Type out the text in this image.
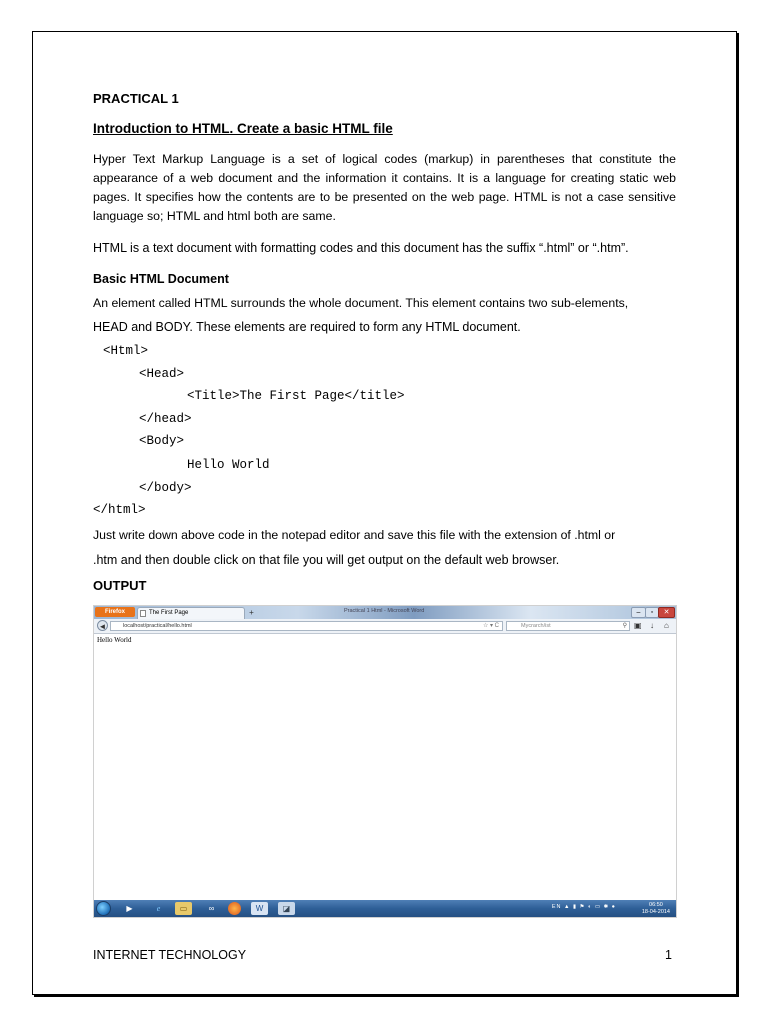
PRACTICAL 1
Introduction to HTML. Create a basic HTML file
Hyper Text Markup Language is a set of logical codes (markup) in parentheses that constitute the appearance of a web document and the information it contains. It is a language for creating static web pages. It specifies how the contents are to be presented on the web page. HTML is not a case sensitive language so; HTML and html both are same.
HTML is a text document with formatting codes and this document has the suffix “.html” or “.htm”.
Basic HTML Document
An element called HTML surrounds the whole document. This element contains two sub-elements,
HEAD and BODY. These elements are required to form any HTML document.
<Html>
<Head>
<Title>The First Page</title>
</head>
<Body>
Hello World
</body>
</html>
Just write down above code in the notepad editor and save this file with the extension of .html or
.htm and then double click on that file you will get output on the default web browser.
OUTPUT
Firefox	The First Page	+	Practical 1 Html - Microsoft Word	–	▫	✕
◄	localhost/practical/hello.html	☆ ▾ C	Mycrarch/ist	⚲ ▣ ↓ ⌂
Hello World
▶	e	▭	∞	W	◪	EN ▲ ▮ ⚑ ◐ ▭ ✱ ●	06:50
18-04-2014
INTERNET TECHNOLOGY	1
